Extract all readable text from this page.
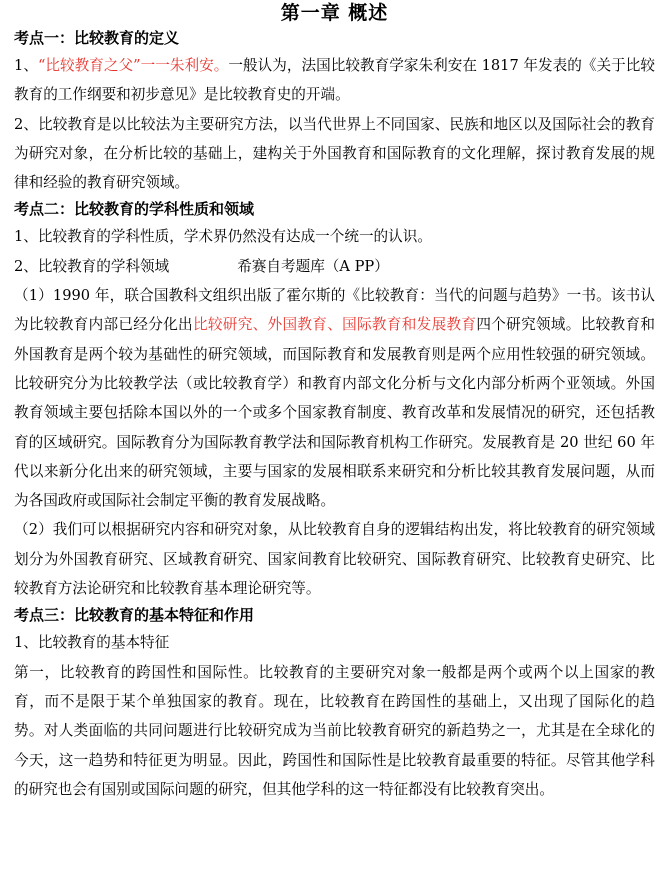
第一章 概述
考点一：比较教育的定义
1、“比较教育之父”一一朱利安。一般认为，法国比较教育学家朱利安在 1817 年发表的《关于比较教育的工作纲要和初步意见》是比较教育史的开端。
2、比较教育是以比较法为主要研究方法，以当代世界上不同国家、民族和地区以及国际社会的教育为研究对象，在分析比较的基础上，建构关于外国教育和国际教育的文化理解，探讨教育发展的规律和经验的教育研究领域。
考点二：比较教育的学科性质和领域
1、比较教育的学科性质，学术界仍然没有达成一个统一的认识。
2、比较教育的学科领域	希赛自考题库（A PP）
（1）1990 年，联合国教科文组织出版了霍尔斯的《比较教育：当代的问题与趋势》一书。该书认为比较教育内部已经分化出比较研究、外国教育、国际教育和发展教育四个研究领域。比较教育和外国教育是两个较为基础性的研究领域，而国际教育和发展教育则是两个应用性较强的研究领域。比较研究分为比较教学法（或比较教育学）和教育内部文化分析与文化内部分析两个亚领域。外国教育领域主要包括除本国以外的一个或多个国家教育制度、教育改革和发展情况的研究，还包括教育的区域研究。国际教育分为国际教育教学法和国际教育机构工作研究。发展教育是 20 世纪 60 年代以来新分化出来的研究领域，主要与国家的发展相联系来研究和分析比较其教育发展问题，从而为各国政府或国际社会制定平衡的教育发展战略。
（2）我们可以根据研究内容和研究对象，从比较教育自身的逻辑结构出发，将比较教育的研究领域划分为外国教育研究、区域教育研究、国家间教育比较研究、国际教育研究、比较教育史研究、比较教育方法论研究和比较教育基本理论研究等。
考点三：比较教育的基本特征和作用
1、比较教育的基本特征
第一，比较教育的跨国性和国际性。比较教育的主要研究对象一般都是两个或两个以上国家的教育，而不是限于某个单独国家的教育。现在，比较教育在跨国性的基础上，又出现了国际化的趋势。对人类面临的共同问题进行比较研究成为当前比较教育研究的新趋势之一，尤其是在全球化的今天，这一趋势和特征更为明显。因此，跨国性和国际性是比较教育最重要的特征。尽管其他学科的研究也会有国别或国际问题的研究，但其他学科的这一特征都没有比较教育突出。
